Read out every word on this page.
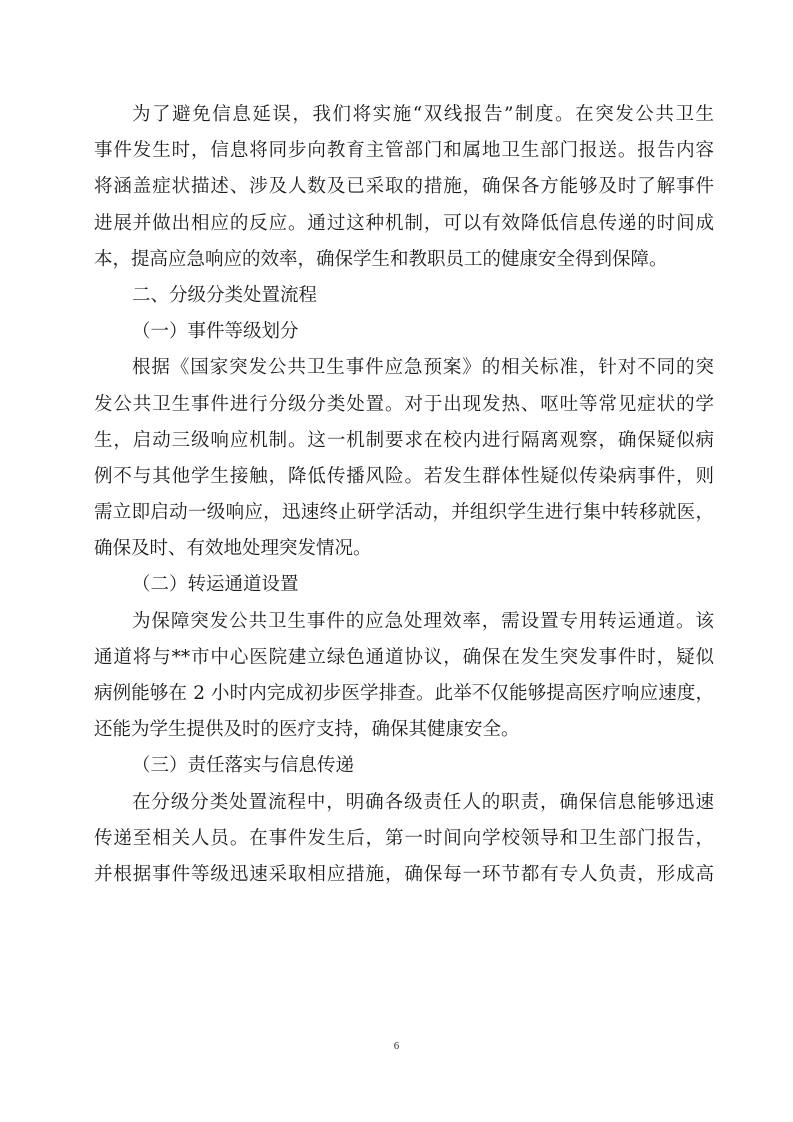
为了避免信息延误，我们将实施“双线报告”制度。在突发公共卫生
事件发生时，信息将同步向教育主管部门和属地卫生部门报送。报告内容
将涵盖症状描述、涉及人数及已采取的措施，确保各方能够及时了解事件
进展并做出相应的反应。通过这种机制，可以有效降低信息传递的时间成
本，提高应急响应的效率，确保学生和教职员工的健康安全得到保障。
二、分级分类处置流程
（一）事件等级划分
根据《国家突发公共卫生事件应急预案》的相关标准，针对不同的突
发公共卫生事件进行分级分类处置。对于出现发热、呕吐等常见症状的学
生，启动三级响应机制。这一机制要求在校内进行隔离观察，确保疑似病
例不与其他学生接触，降低传播风险。若发生群体性疑似传染病事件，则
需立即启动一级响应，迅速终止研学活动，并组织学生进行集中转移就医，
确保及时、有效地处理突发情况。
（二）转运通道设置
为保障突发公共卫生事件的应急处理效率，需设置专用转运通道。该
通道将与**市中心医院建立绿色通道协议，确保在发生突发事件时，疑似
病例能够在 2 小时内完成初步医学排查。此举不仅能够提高医疗响应速度，
还能为学生提供及时的医疗支持，确保其健康安全。
（三）责任落实与信息传递
在分级分类处置流程中，明确各级责任人的职责，确保信息能够迅速
传递至相关人员。在事件发生后，第一时间向学校领导和卫生部门报告，
并根据事件等级迅速采取相应措施，确保每一环节都有专人负责，形成高
6
